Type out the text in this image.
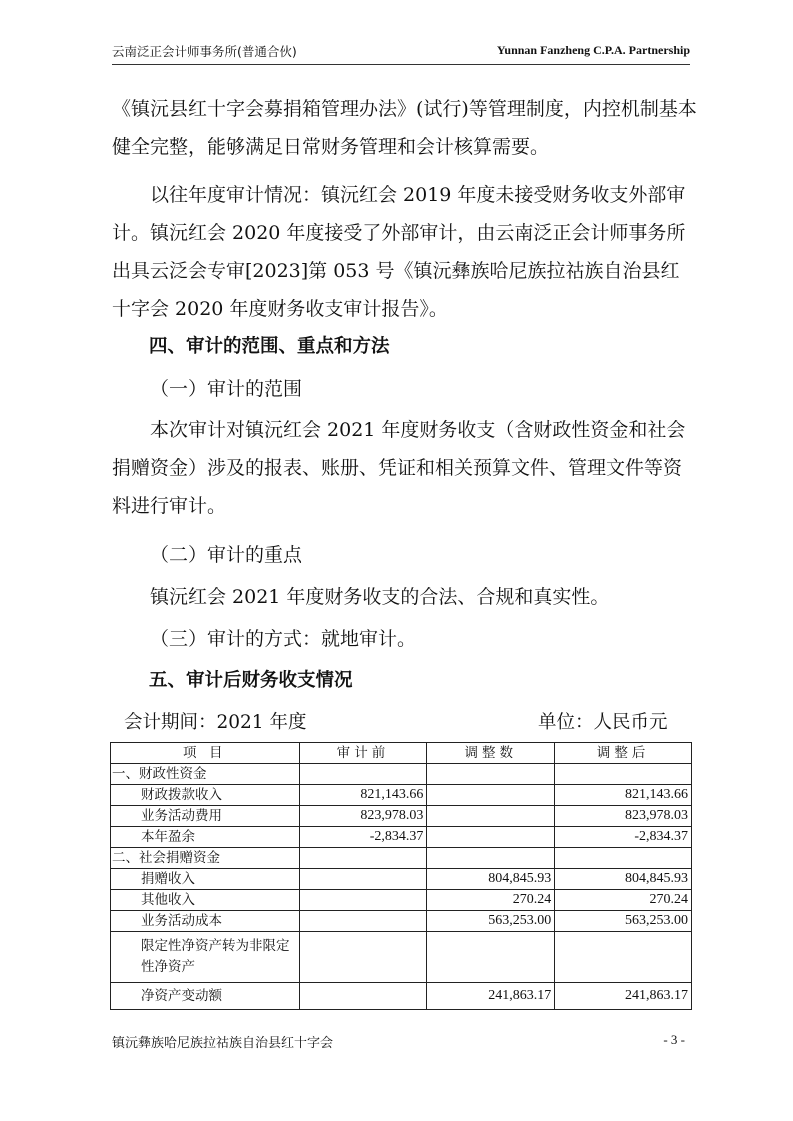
云南泛正会计师事务所(普通合伙)	Yunnan Fanzheng C.P.A. Partnership
《镇沅县红十字会募捐箱管理办法》(试行)等管理制度，内控机制基本健全完整，能够满足日常财务管理和会计核算需要。
以往年度审计情况：镇沅红会 2019 年度未接受财务收支外部审计。镇沅红会 2020 年度接受了外部审计，由云南泛正会计师事务所出具云泛会专审[2023]第 053 号《镇沅彝族哈尼族拉祜族自治县红十字会 2020 年度财务收支审计报告》。
四、审计的范围、重点和方法
（一）审计的范围
本次审计对镇沅红会 2021 年度财务收支（含财政性资金和社会捐赠资金）涉及的报表、账册、凭证和相关预算文件、管理文件等资料进行审计。
（二）审计的重点
镇沅红会 2021 年度财务收支的合法、合规和真实性。
（三）审计的方式：就地审计。
五、审计后财务收支情况
会计期间：2021 年度	单位：人民币元
项 目	审计前	调整数	调整后
一、财政性资金			
财政拨款收入	821,143.66		821,143.66
业务活动费用	823,978.03		823,978.03
本年盈余	-2,834.37		-2,834.37
二、社会捐赠资金			
捐赠收入		804,845.93	804,845.93
其他收入		270.24	270.24
业务活动成本		563,253.00	563,253.00
限定性净资产转为非限定性净资产			
净资产变动额		241,863.17	241,863.17
镇沅彝族哈尼族拉祜族自治县红十字会	- 3 -
